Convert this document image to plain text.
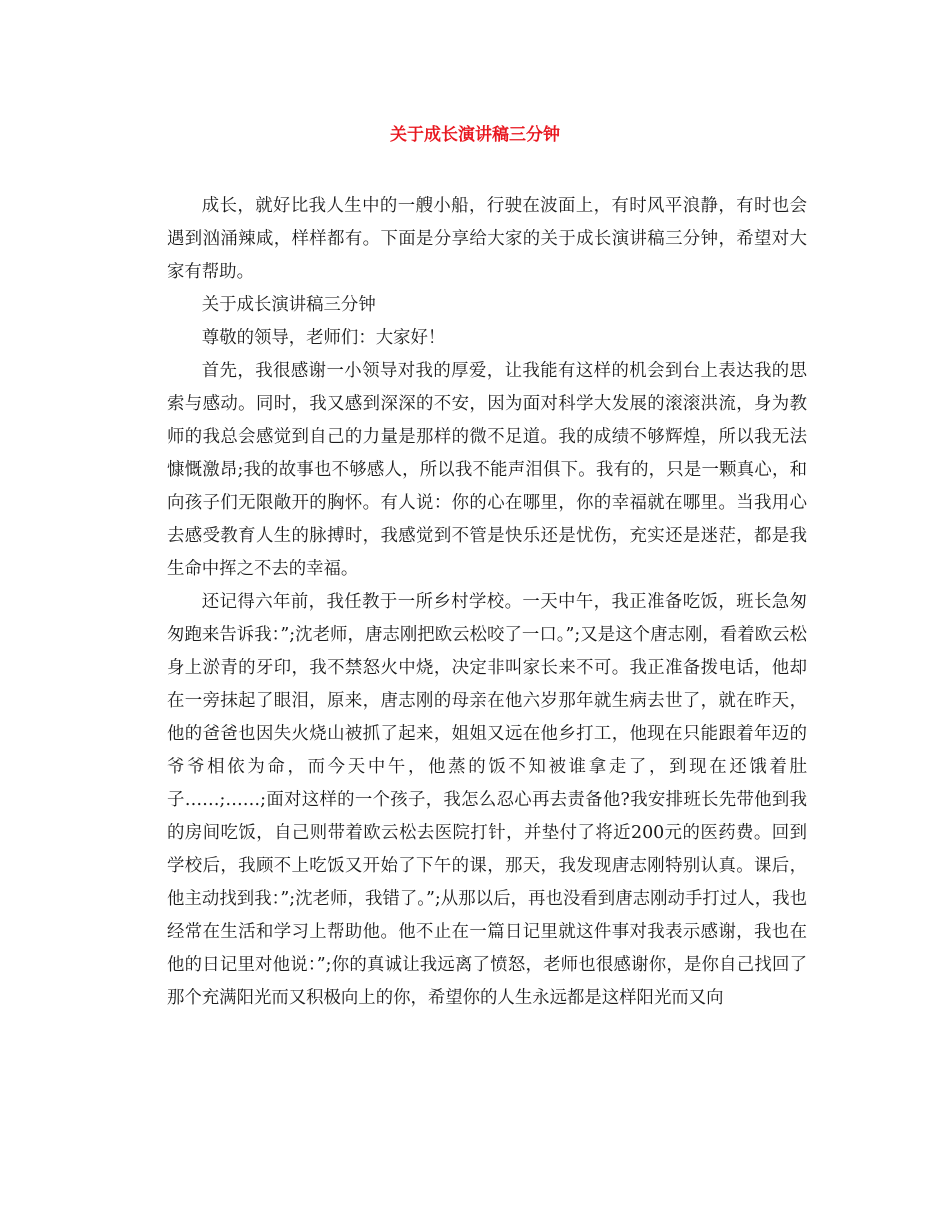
关于成长演讲稿三分钟

成长，就好比我人生中的一艘小船，行驶在波面上，有时风平浪静，有时也会遇到汹涌辣咸，样样都有。下面是分享给大家的关于成长演讲稿三分钟，希望对大家有帮助。

关于成长演讲稿三分钟

尊敬的领导，老师们：大家好！

首先，我很感谢一小领导对我的厚爱，让我能有这样的机会到台上表达我的思索与感动。同时，我又感到深深的不安，因为面对科学大发展的滚滚洪流，身为教师的我总会感觉到自己的力量是那样的微不足道。我的成绩不够辉煌，所以我无法慷慨激昂;我的故事也不够感人，所以我不能声泪俱下。我有的，只是一颗真心，和向孩子们无限敞开的胸怀。有人说：你的心在哪里，你的幸福就在哪里。当我用心去感受教育人生的脉搏时，我感觉到不管是快乐还是忧伤，充实还是迷茫，都是我生命中挥之不去的幸福。

还记得六年前，我任教于一所乡村学校。一天中午，我正准备吃饭，班长急匆匆跑来告诉我：”;沈老师，唐志刚把欧云松咬了一口。”;又是这个唐志刚，看着欧云松身上淤青的牙印，我不禁怒火中烧，决定非叫家长来不可。我正准备拨电话，他却在一旁抹起了眼泪，原来，唐志刚的母亲在他六岁那年就生病去世了，就在昨天，他的爸爸也因失火烧山被抓了起来，姐姐又远在他乡打工，他现在只能跟着年迈的爷爷相依为命，而今天中午，他蒸的饭不知被谁拿走了，到现在还饿着肚子……;……;面对这样的一个孩子，我怎么忍心再去责备他?我安排班长先带他到我的房间吃饭，自己则带着欧云松去医院打针，并垫付了将近200元的医药费。回到学校后，我顾不上吃饭又开始了下午的课，那天，我发现唐志刚特别认真。课后，他主动找到我：”;沈老师，我错了。”;从那以后，再也没看到唐志刚动手打过人，我也经常在生活和学习上帮助他。他不止在一篇日记里就这件事对我表示感谢，我也在他的日记里对他说：”;你的真诚让我远离了愤怒，老师也很感谢你，是你自己找回了那个充满阳光而又积极向上的你，希望你的人生永远都是这样阳光而又向
